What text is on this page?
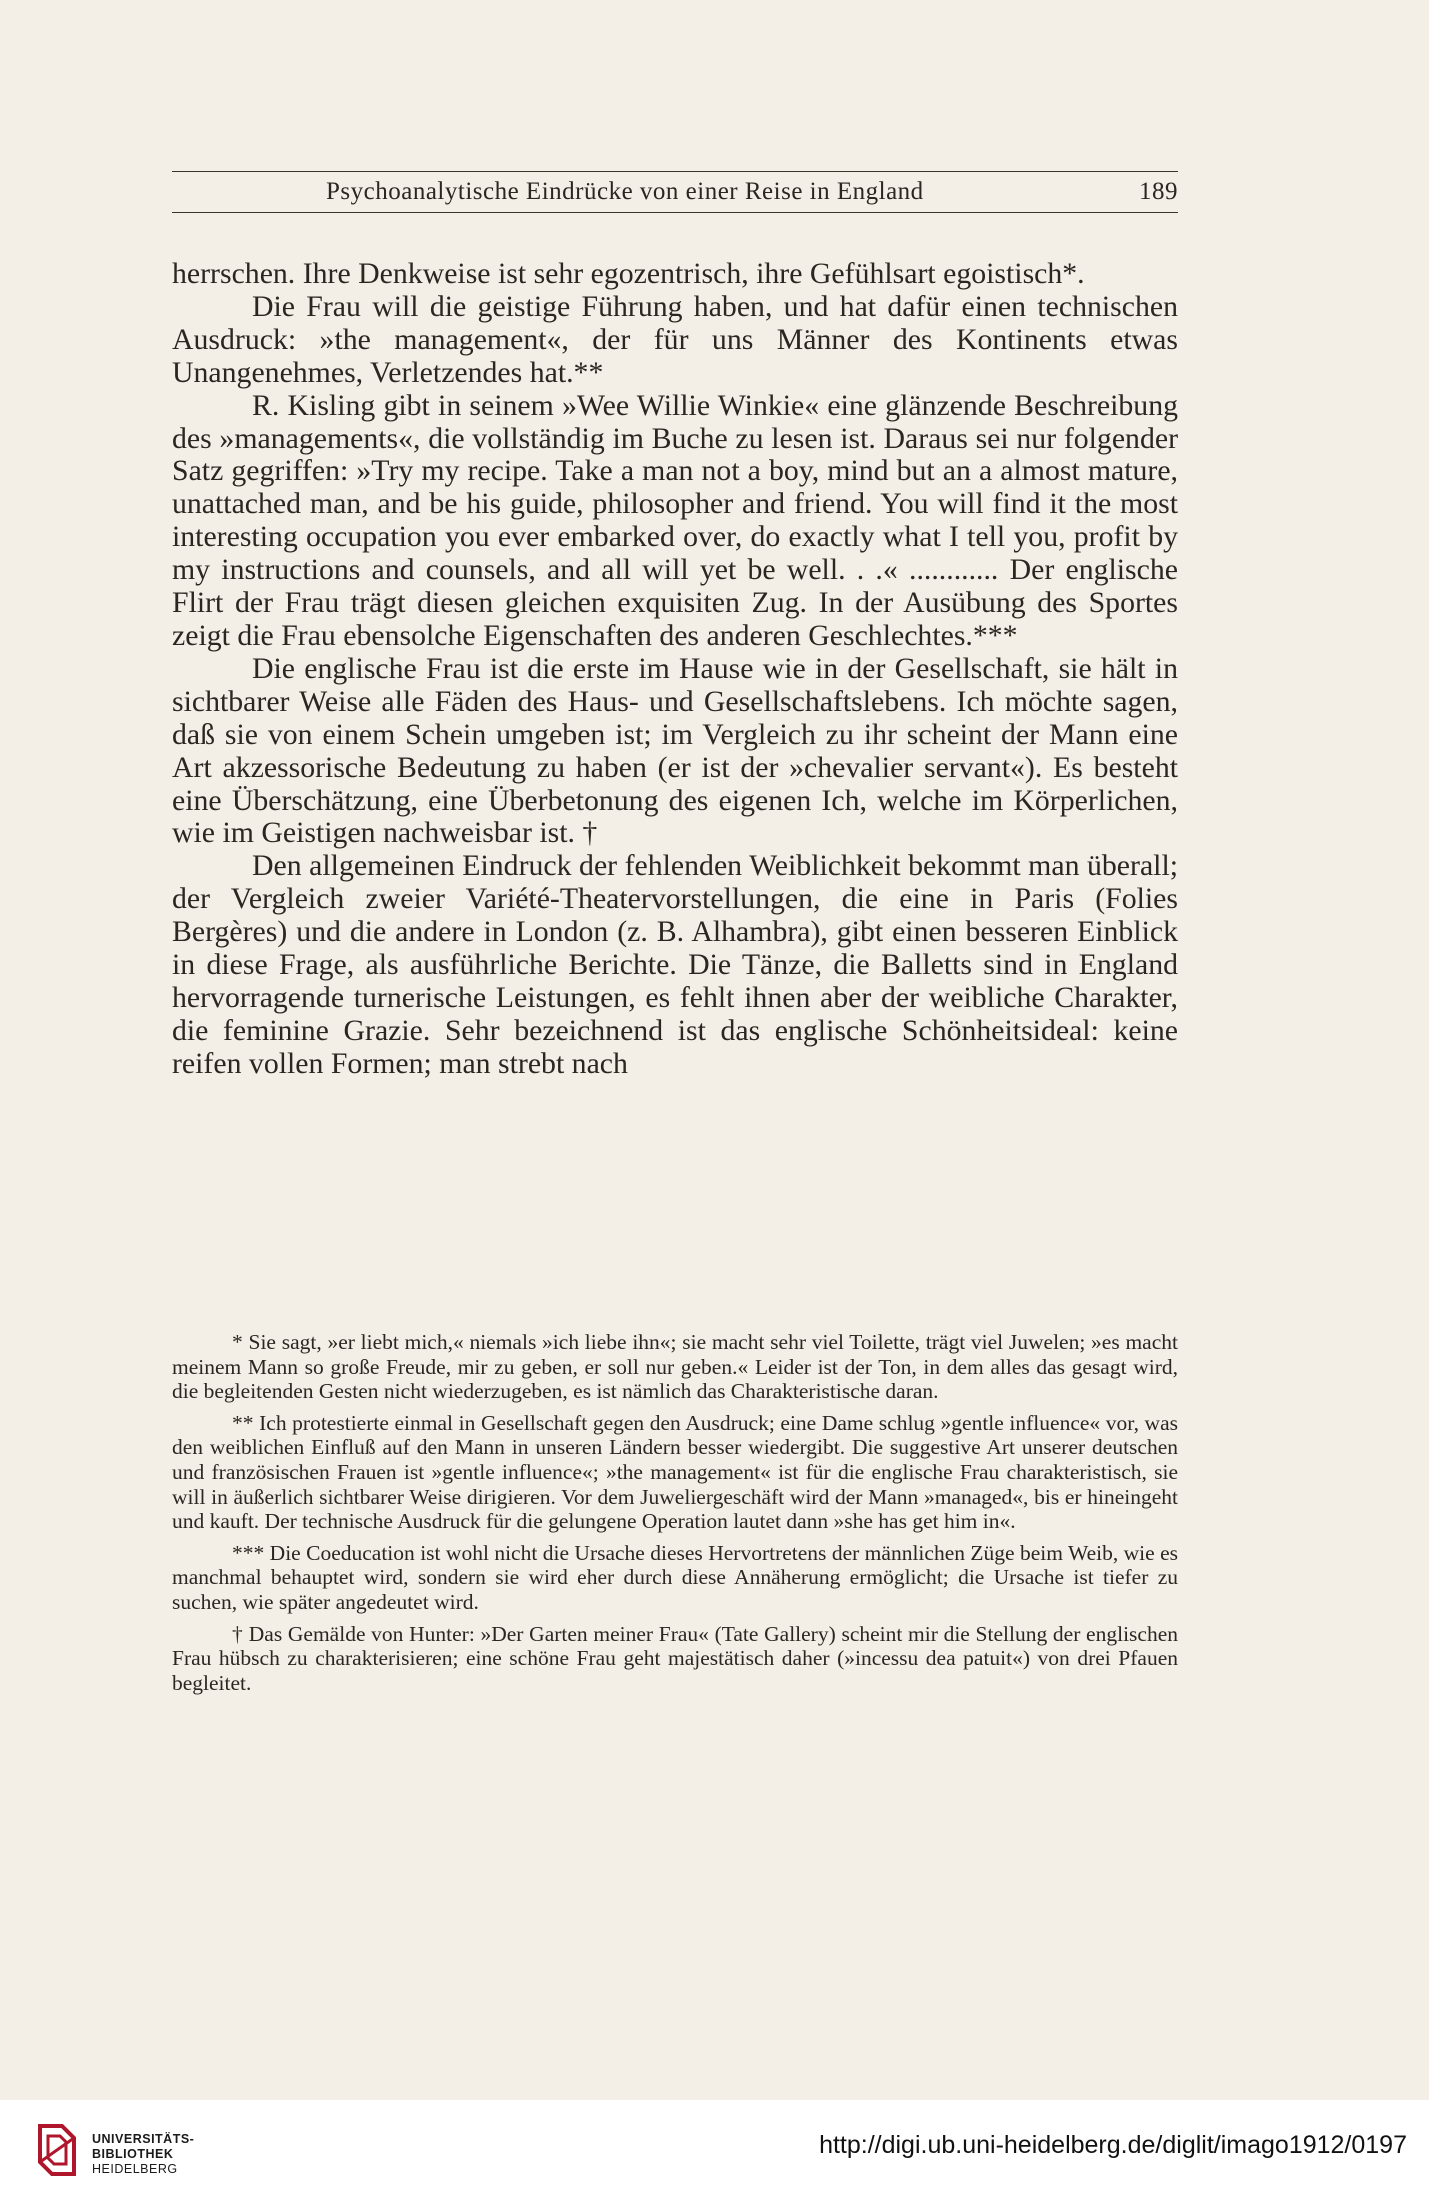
Psychoanalytische Eindrücke von einer Reise in England	189

herrschen. Ihre Denkweise ist sehr egozentrisch, ihre Gefühlsart egoistisch*.

Die Frau will die geistige Führung haben, und hat dafür einen technischen Ausdruck: »the management«, der für uns Männer des Kontinents etwas Unangenehmes, Verletzendes hat.**

R. Kisling gibt in seinem »Wee Willie Winkie« eine glänzende Beschreibung des »managements«, die vollständig im Buche zu lesen ist. Daraus sei nur folgender Satz gegriffen: »Try my recipe. Take a man not a boy, mind but an a almost mature, unattached man, and be his guide, philosopher and friend. You will find it the most interesting occupation you ever embarked over, do exactly what I tell you, profit by my instructions and counsels, and all will yet be well. . .« ............ Der englische Flirt der Frau trägt diesen gleichen exquisiten Zug. In der Ausübung des Sportes zeigt die Frau ebensolche Eigenschaften des anderen Geschlechtes.***

Die englische Frau ist die erste im Hause wie in der Gesellschaft, sie hält in sichtbarer Weise alle Fäden des Haus- und Gesellschaftslebens. Ich möchte sagen, daß sie von einem Schein umgeben ist; im Vergleich zu ihr scheint der Mann eine Art akzessorische Bedeutung zu haben (er ist der »chevalier servant«). Es besteht eine Überschätzung, eine Überbetonung des eigenen Ich, welche im Körperlichen, wie im Geistigen nachweisbar ist. †

Den allgemeinen Eindruck der fehlenden Weiblichkeit bekommt man überall; der Vergleich zweier Variété-Theatervorstellungen, die eine in Paris (Folies Bergères) und die andere in London (z. B. Alhambra), gibt einen besseren Einblick in diese Frage, als ausführliche Berichte. Die Tänze, die Balletts sind in England hervorragende turnerische Leistungen, es fehlt ihnen aber der weibliche Charakter, die feminine Grazie. Sehr bezeichnend ist das englische Schönheitsideal: keine reifen vollen Formen; man strebt nach

* Sie sagt, »er liebt mich,« niemals »ich liebe ihn«; sie macht sehr viel Toilette, trägt viel Juwelen; »es macht meinem Mann so große Freude, mir zu geben, er soll nur geben.« Leider ist der Ton, in dem alles das gesagt wird, die begleitenden Gesten nicht wiederzugeben, es ist nämlich das Charakteristische daran.

** Ich protestierte einmal in Gesellschaft gegen den Ausdruck; eine Dame schlug »gentle influence« vor, was den weiblichen Einfluß auf den Mann in unseren Ländern besser wiedergibt. Die suggestive Art unserer deutschen und französischen Frauen ist »gentle influence«; »the management« ist für die englische Frau charakteristisch, sie will in äußerlich sichtbarer Weise dirigieren. Vor dem Juweliergeschäft wird der Mann »managed«, bis er hineingeht und kauft. Der technische Ausdruck für die gelungene Operation lautet dann »she has get him in«.

*** Die Coeducation ist wohl nicht die Ursache dieses Hervortretens der männlichen Züge beim Weib, wie es manchmal behauptet wird, sondern sie wird eher durch diese Annäherung ermöglicht; die Ursache ist tiefer zu suchen, wie später angedeutet wird.

† Das Gemälde von Hunter: »Der Garten meiner Frau« (Tate Gallery) scheint mir die Stellung der englischen Frau hübsch zu charakterisieren; eine schöne Frau geht majestätisch daher (»incessu dea patuit«) von drei Pfauen begleitet.

UNIVERSITÄTS-
BIBLIOTHEK
HEIDELBERG
http://digi.ub.uni-heidelberg.de/diglit/imago1912/0197
